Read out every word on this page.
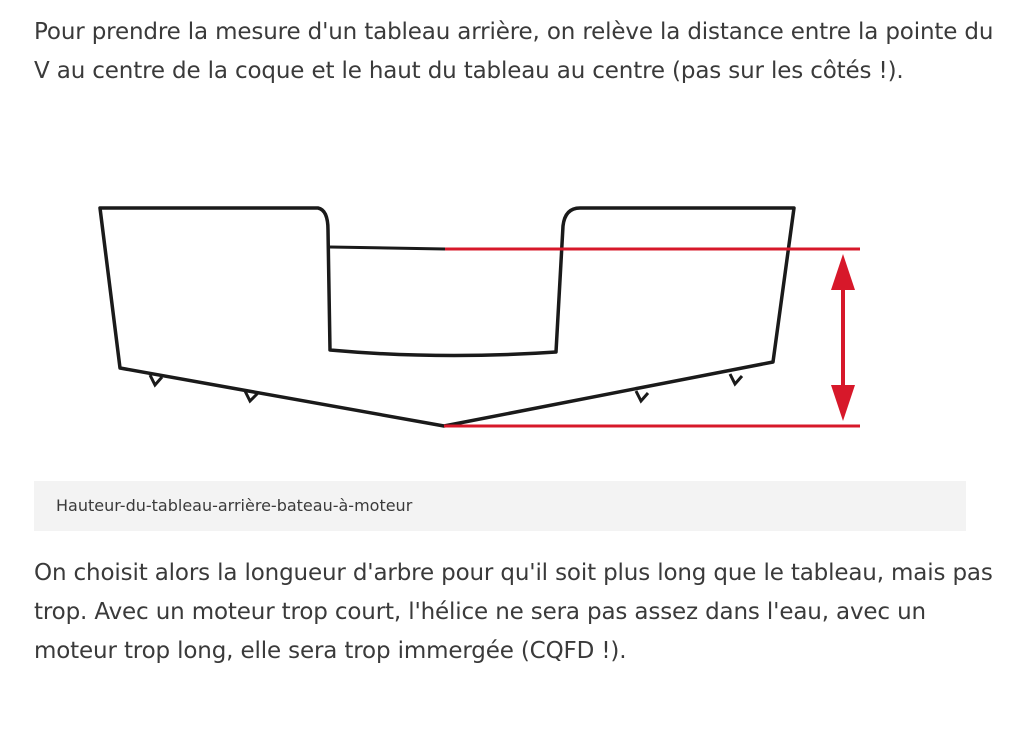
Pour prendre la mesure d'un tableau arrière, on relève la distance entre la pointe du V au centre de la coque et le haut du tableau au centre (pas sur les côtés !).

Hauteur-du-tableau-arrière-bateau-à-moteur

On choisit alors la longueur d'arbre pour qu'il soit plus long que le tableau, mais pas trop. Avec un moteur trop court, l'hélice ne sera pas assez dans l'eau, avec un moteur trop long, elle sera trop immergée (CQFD !).
